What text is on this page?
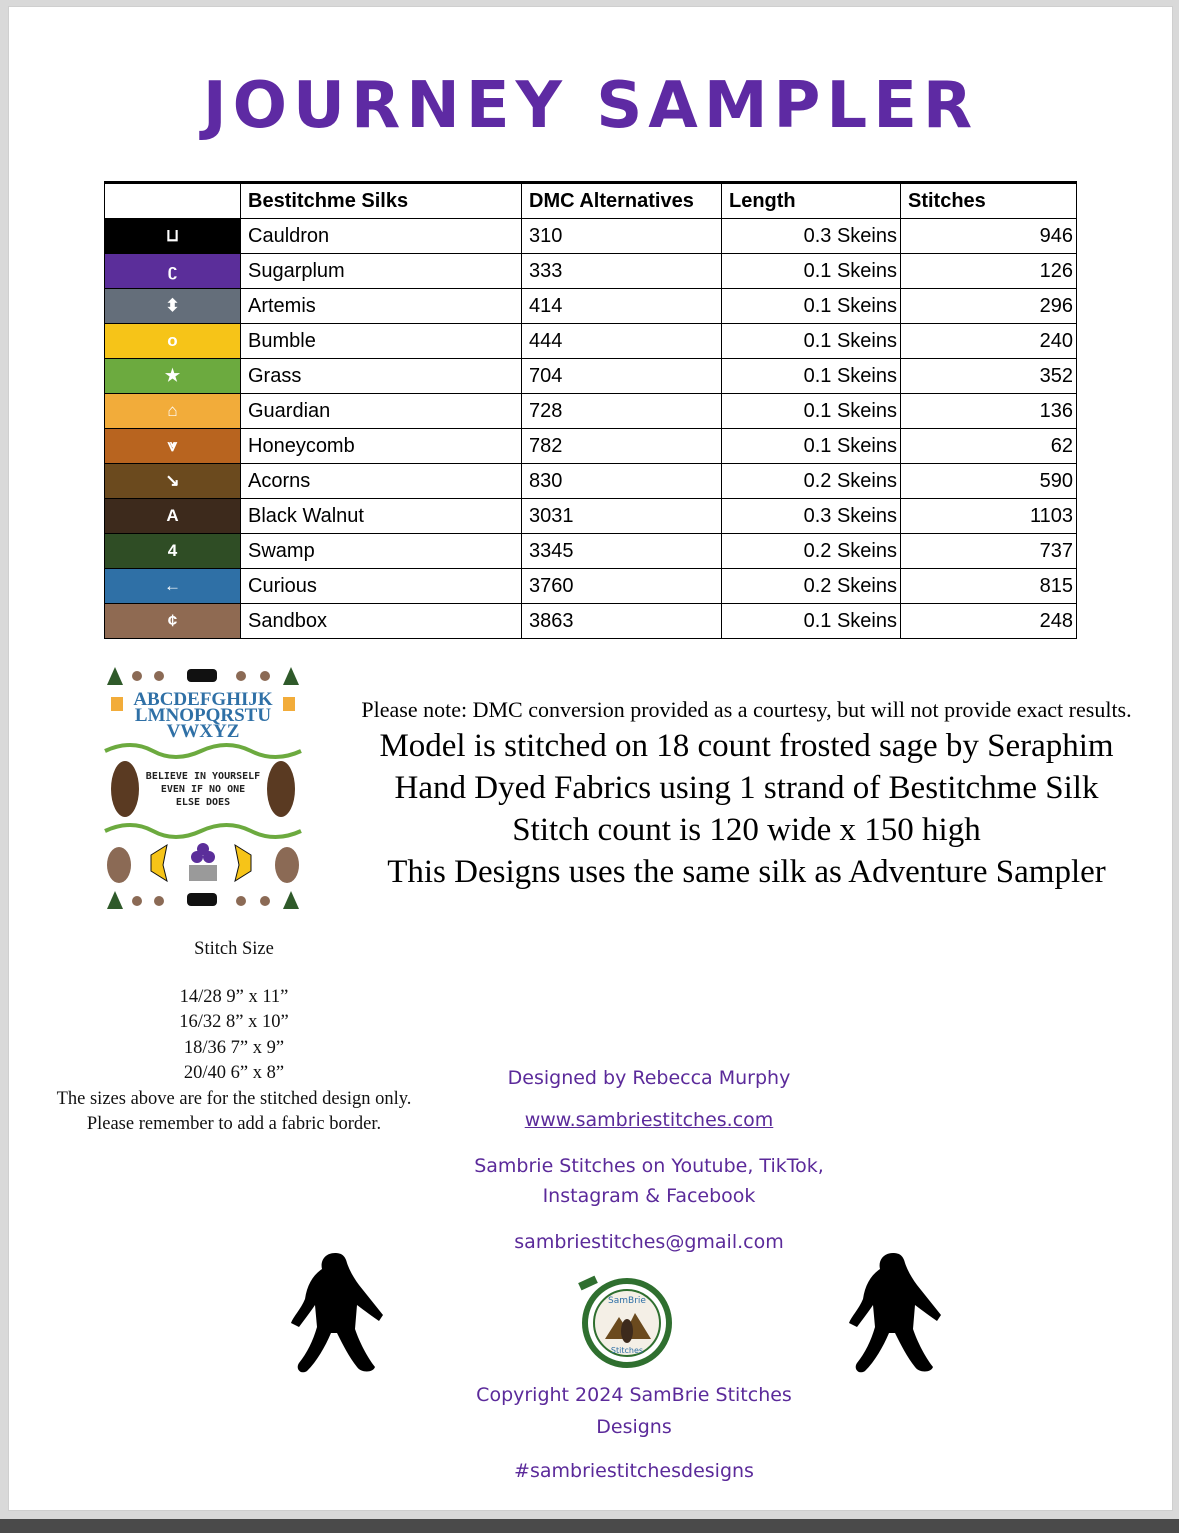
JOURNEY SAMPLER
	Bestitchme Silks	DMC Alternatives	Length	Stitches
⊔	Cauldron	310	0.3 Skeins	946
ʗ	Sugarplum	333	0.1 Skeins	126
⬍	Artemis	414	0.1 Skeins	296
o	Bumble	444	0.1 Skeins	240
★	Grass	704	0.1 Skeins	352
⌂	Guardian	728	0.1 Skeins	136
⩔	Honeycomb	782	0.1 Skeins	62
↘	Acorns	830	0.2 Skeins	590
A	Black Walnut	3031	0.3 Skeins	1103
4	Swamp	3345	0.2 Skeins	737
←	Curious	3760	0.2 Skeins	815
¢	Sandbox	3863	0.1 Skeins	248
ABCDEFGHIJK
LMNOPQRSTU
VWXYZ
BELIEVE IN YOURSELF
EVEN IF NO ONE
ELSE DOES
Please note: DMC conversion provided as a courtesy, but will not provide exact results.
Model is stitched on 18 count frosted sage by Seraphim
Hand Dyed Fabrics using 1 strand of Bestitchme Silk
Stitch count is 120 wide x 150 high
This Designs uses the same silk as Adventure Sampler
Stitch Size
14/28 9” x 11”
16/32 8” x 10”
18/36 7” x 9”
20/40 6” x 8”
The sizes above are for the stitched design only.
Please remember to add a fabric border.
Designed by Rebecca Murphy
www.sambriestitches.com
Sambrie Stitches on Youtube, TikTok,
Instagram & Facebook
sambriestitches@gmail.com
SamBrie
Stitches
Copyright 2024 SamBrie Stitches
Designs
#sambriestitchesdesigns
